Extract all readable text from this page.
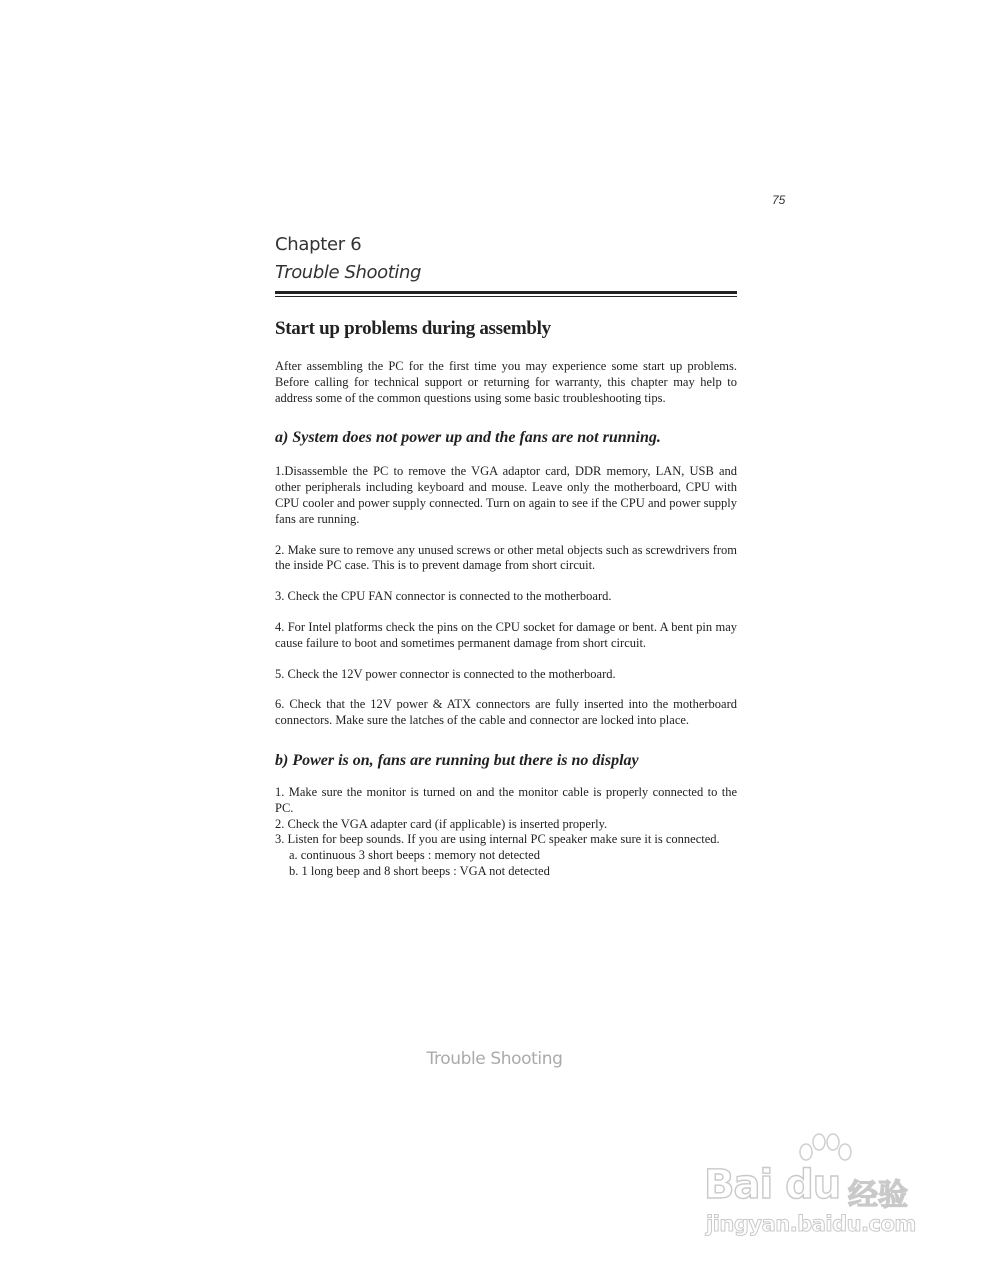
75
Chapter 6
Trouble Shooting
Start up problems during assembly

After assembling the PC for the first time you may experience some start up problems. Before calling for technical support or returning for warranty, this chapter may help to address some of the common questions using some basic troubleshooting tips.

a) System does not power up and the fans are not running.

1.Disassemble the PC to remove the VGA adaptor card, DDR memory, LAN, USB and other peripherals including keyboard and mouse. Leave only the motherboard, CPU with CPU cooler and power supply connected. Turn on again to see if the CPU and power supply fans are running.

2. Make sure to remove any unused screws or other metal objects such as screwdrivers from the inside PC case. This is to prevent damage from short circuit.

3. Check the CPU FAN connector is connected to the motherboard.

4. For Intel platforms check the pins on the CPU socket for damage or bent. A bent pin may cause failure to boot and sometimes permanent damage from short circuit.

5. Check the 12V power connector is connected to the motherboard.

6. Check that the 12V power & ATX connectors are fully inserted into the motherboard connectors. Make sure the latches of the cable and connector are locked into place.

b) Power is on, fans are running but there is no display

1. Make sure the monitor is turned on and the monitor cable is properly connected to the PC.

2. Check the VGA adapter card (if applicable) is inserted properly.

3. Listen for beep sounds. If you are using internal PC speaker make sure it is connected.

a. continuous 3 short beeps : memory not detected

b. 1 long beep and 8 short beeps : VGA not detected

Trouble Shooting
Bai du 经验
jingyan.baidu.com
